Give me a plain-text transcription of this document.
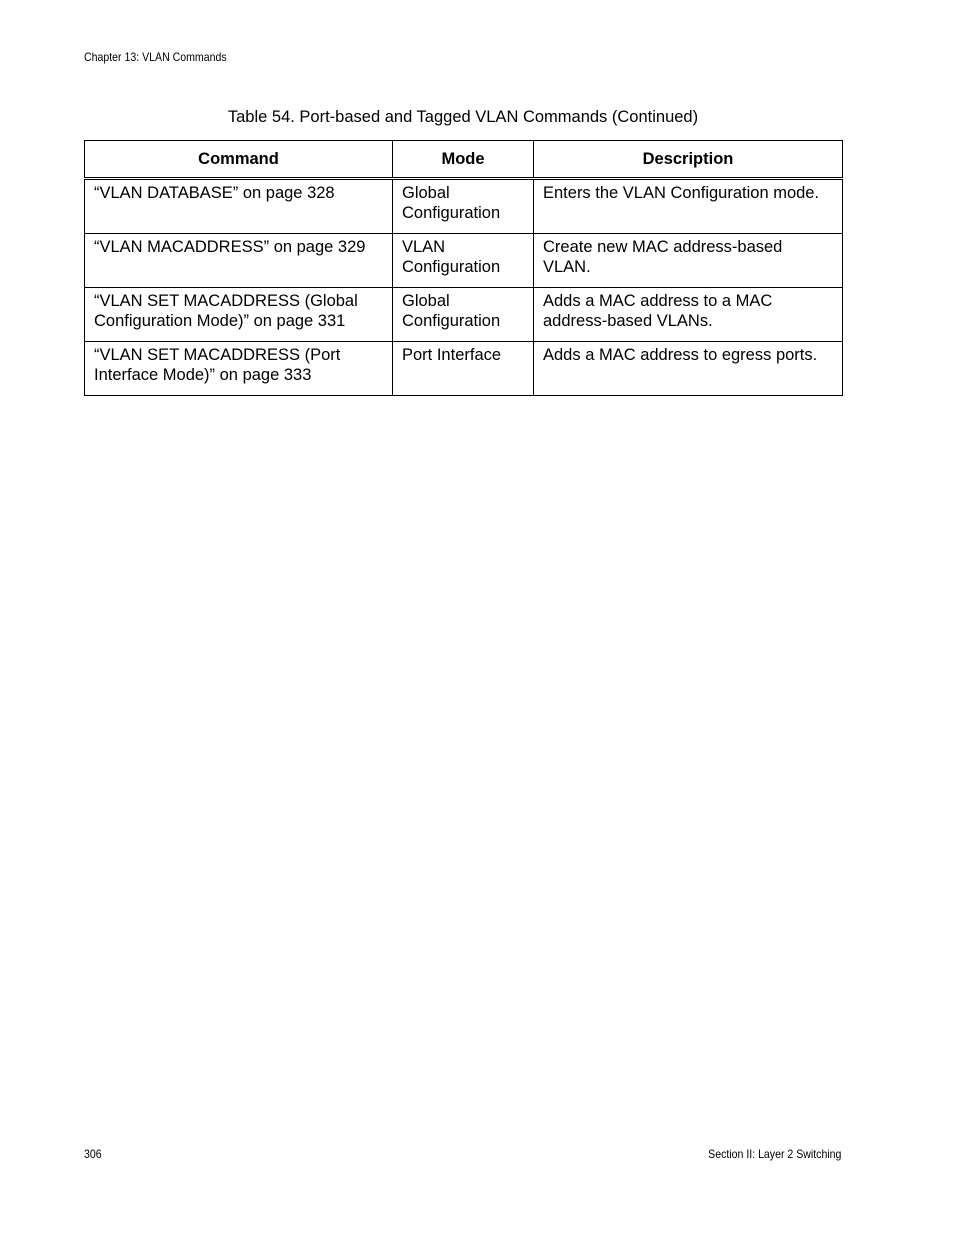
Chapter 13: VLAN Commands
Table 54. Port-based and Tagged VLAN Commands (Continued)
Command	Mode	Description
“VLAN DATABASE” on page 328	Global Configuration	Enters the VLAN Configuration mode.
“VLAN MACADDRESS” on page 329	VLAN Configuration	Create new MAC address-based VLAN.
“VLAN SET MACADDRESS (Global Configuration Mode)” on page 331	Global Configuration	Adds a MAC address to a MAC address-based VLANs.
“VLAN SET MACADDRESS (Port Interface Mode)” on page 333	Port Interface	Adds a MAC address to egress ports.
306	Section II: Layer 2 Switching
